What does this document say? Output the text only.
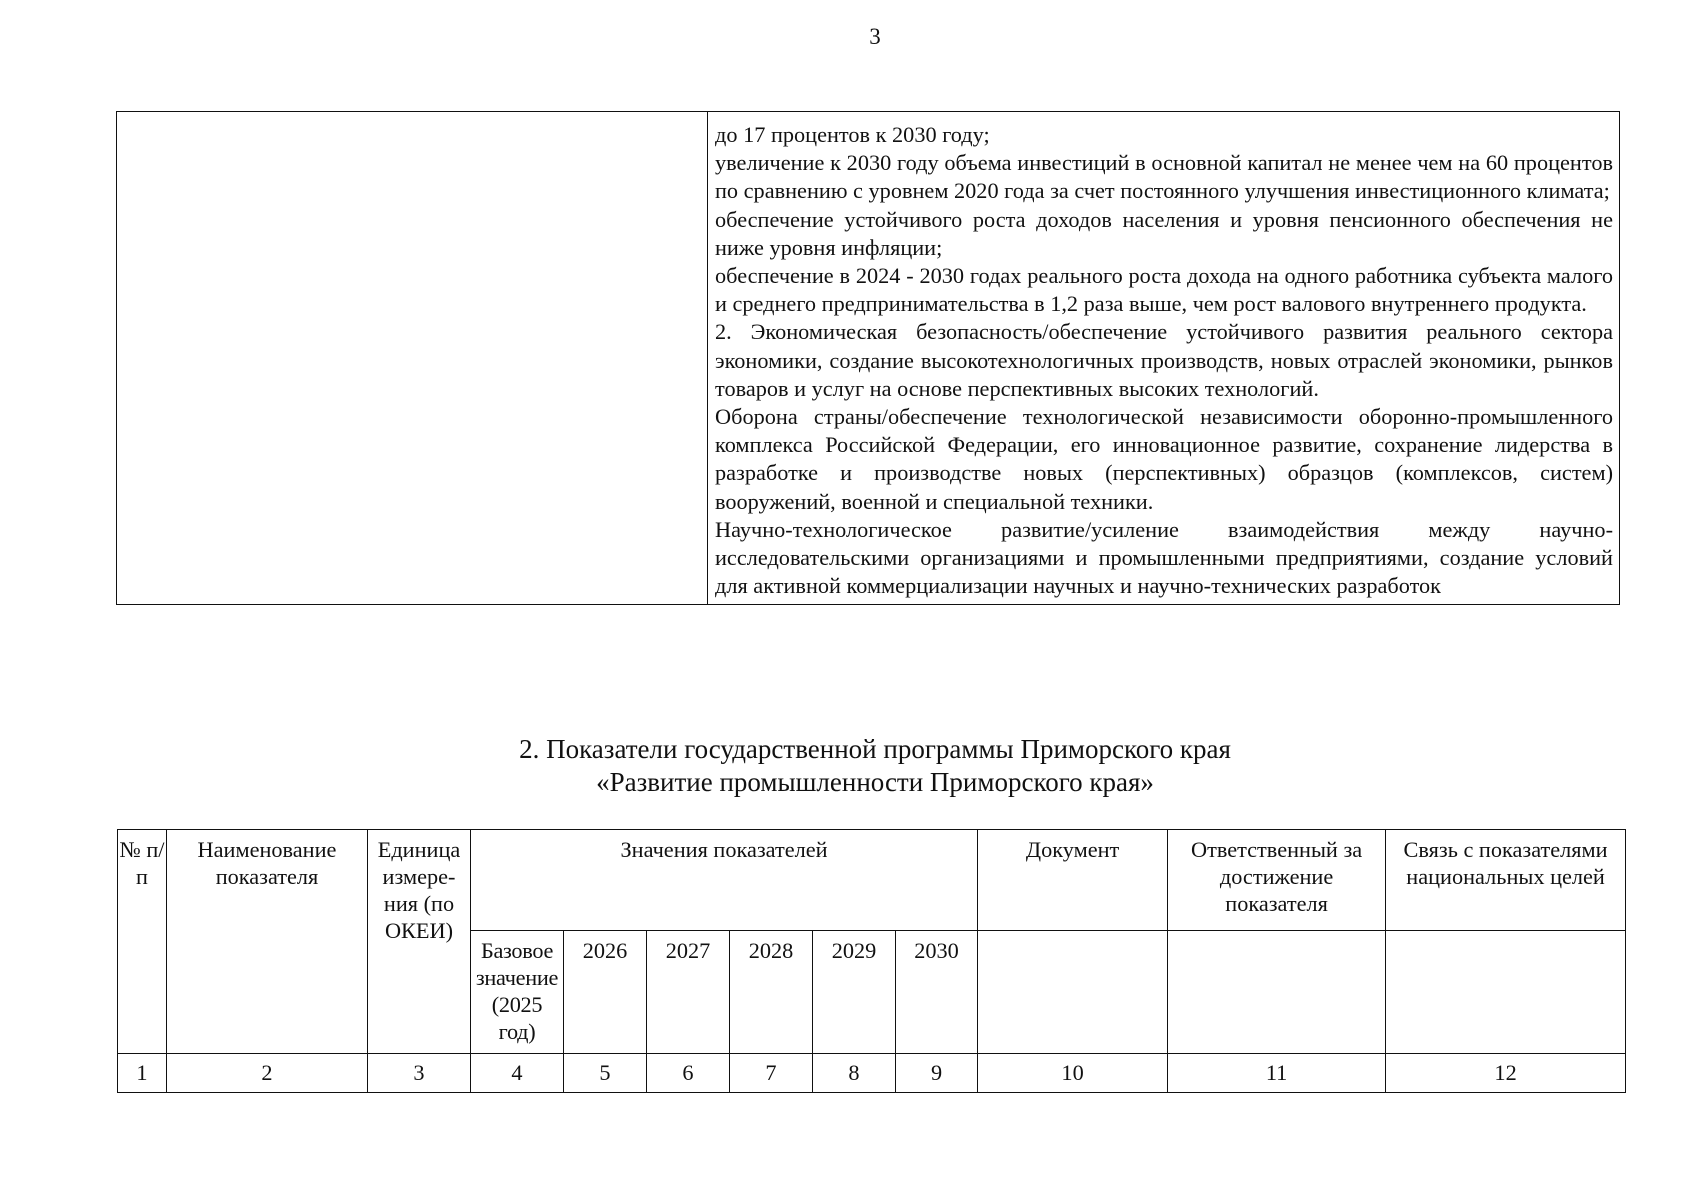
3

до 17 процентов к 2030 году;

увеличение к 2030 году объема инвестиций в основной капитал не менее чем на 60 процентов по сравнению с уровнем 2020 года за счет постоянного улучшения инвестиционного климата;

обеспечение устойчивого роста доходов населения и уровня пенсионного обеспечения не ниже уровня инфляции;

обеспечение в 2024 - 2030 годах реального роста дохода на одного работника субъекта малого и среднего предпринимательства в 1,2 раза выше, чем рост валового внутреннего продукта.

2. Экономическая безопасность/обеспечение устойчивого развития реального сектора экономики, создание высокотехнологичных производств, новых отраслей экономики, рынков товаров и услуг на основе перспективных высоких технологий.

Оборона страны/обеспечение технологической независимости оборонно-промышленного комплекса Российской Федерации, его инновационное развитие, сохранение лидерства в разработке и производстве новых (перспективных) образцов (комплексов, систем) вооружений, военной и специальной техники.

Научно-технологическое развитие/усиление взаимодействия между научно-исследовательскими организациями и промышленными предприятиями, создание условий для активной коммерциализации научных и научно-технических разработок

2. Показатели государственной программы Приморского края
«Развитие промышленности Приморского края»
№ п/п	Наименование показателя	Единица измере-ния (по ОКЕИ)	Значения показателей						Документ	Ответственный за достижение показателя	Связь с показателями национальных целей
			Базовое значение (2025 год)	2026	2027	2028	2029	2030			
1	2	3	4	5	6	7	8	9	10	11	12
